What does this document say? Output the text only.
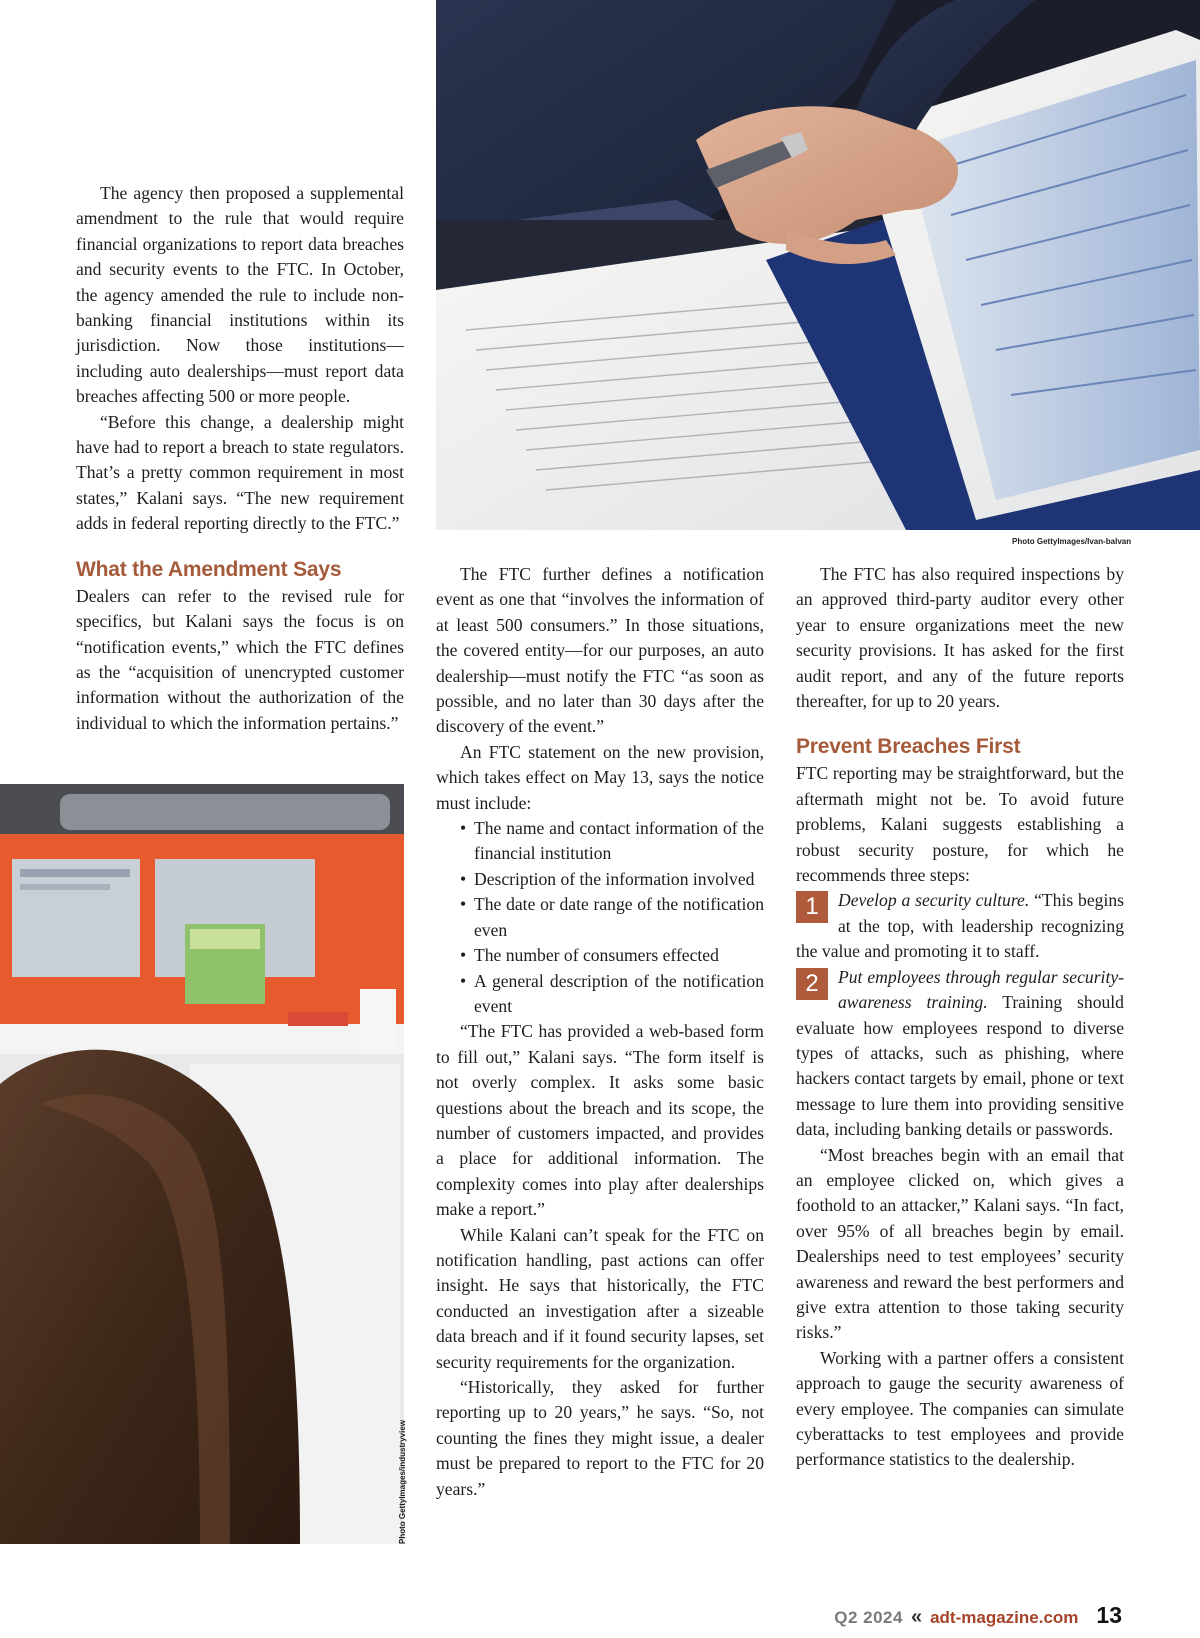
Photo GettyImages/Ivan-balvan
Photo GettyImages/industryview

The agency then proposed a supplemental amendment to the rule that would require financial organizations to report data breaches and security events to the FTC. In October, the agency amended the rule to include non-banking financial institutions within its jurisdiction. Now those institutions—including auto dealerships—must report data breaches affecting 500 or more people.

“Before this change, a dealership might have had to report a breach to state regulators. That’s a pretty common requirement in most states,” Kalani says. “The new requirement adds in federal reporting directly to the FTC.”

What the Amendment Says

Dealers can refer to the revised rule for specifics, but Kalani says the focus is on “notification events,” which the FTC defines as the “acquisition of unencrypted customer information without the authorization of the individual to which the information pertains.”

The FTC further defines a notification event as one that “involves the information of at least 500 consumers.” In those situations, the covered entity—for our purposes, an auto dealership—must notify the FTC “as soon as possible, and no later than 30 days after the discovery of the event.”

An FTC statement on the new provision, which takes effect on May 13, says the notice must include:

• The name and contact information of the financial institution
• Description of the information involved
• The date or date range of the notification even
• The number of consumers effected
• A general description of the notification event

“The FTC has provided a web-based form to fill out,” Kalani says. “The form itself is not overly complex. It asks some basic questions about the breach and its scope, the number of customers impacted, and provides a place for additional information. The complexity comes into play after dealerships make a report.”

While Kalani can’t speak for the FTC on notification handling, past actions can offer insight. He says that historically, the FTC conducted an investigation after a sizeable data breach and if it found security lapses, set security requirements for the organization.

“Historically, they asked for further reporting up to 20 years,” he says. “So, not counting the fines they might issue, a dealer must be prepared to report to the FTC for 20 years.”

The FTC has also required inspections by an approved third-party auditor every other year to ensure organizations meet the new security provisions. It has asked for the first audit report, and any of the future reports thereafter, for up to 20 years.

Prevent Breaches First

FTC reporting may be straightforward, but the aftermath might not be. To avoid future problems, Kalani suggests establishing a robust security posture, for which he recommends three steps:

1	Develop a security culture. “This begins at the top, with leadership recognizing the value and promoting it to staff.
2	Put employees through regular security-awareness training. Training should evaluate how employees respond to diverse types of attacks, such as phishing, where hackers contact targets by email, phone or text message to lure them into providing sensitive data, including banking details or passwords.

“Most breaches begin with an email that an employee clicked on, which gives a foothold to an attacker,” Kalani says. “In fact, over 95% of all breaches begin by email. Dealerships need to test employees’ security awareness and reward the best performers and give extra attention to those taking security risks.”

Working with a partner offers a consistent approach to gauge the security awareness of every employee. The companies can simulate cyberattacks to test employees and provide performance statistics to the dealership.

Q2 2024 « adt-magazine.com 13
